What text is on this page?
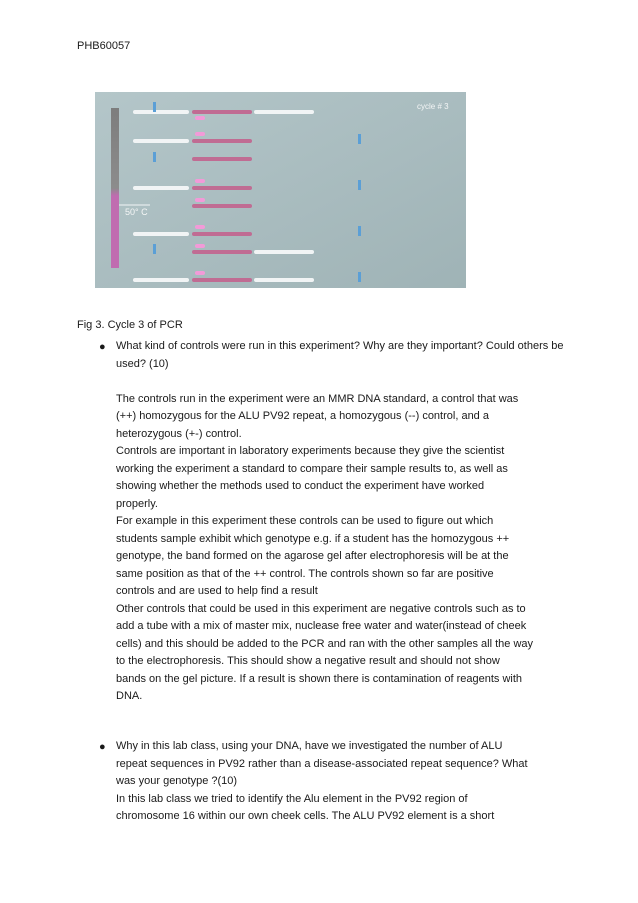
PHB60057
50° C
cycle # 3
Fig 3. Cycle 3 of PCR
● What kind of controls were run in this experiment? Why are they important? Could others be used? (10)

The controls run in the experiment were an MMR DNA standard, a control that was

(++) homozygous for the ALU PV92 repeat, a homozygous (--) control, and a

heterozygous (+-) control.

Controls are important in laboratory experiments because they give the scientist

working the experiment a standard to compare their sample results to, as well as

showing whether the methods used to conduct the experiment have worked

properly.

For example in this experiment these controls can be used to figure out which

students sample exhibit which genotype e.g. if a student has the homozygous ++

genotype, the band formed on the agarose gel after electrophoresis will be at the

same position as that of the ++ control. The controls shown so far are positive

controls and are used to help find a result

Other controls that could be used in this experiment are negative controls such as to

add a tube with a mix of master mix, nuclease free water and water(instead of cheek

cells) and this should be added to the PCR and ran with the other samples all the way

to the electrophoresis. This should show a negative result and should not show

bands on the gel picture. If a result is shown there is contamination of reagents with

DNA.

● Why in this lab class, using your DNA, have we investigated the number of ALU

repeat sequences in PV92 rather than a disease-associated repeat sequence? What

was your genotype ?(10)

In this lab class we tried to identify the Alu element in the PV92 region of

chromosome 16 within our own cheek cells. The ALU PV92 element is a short
